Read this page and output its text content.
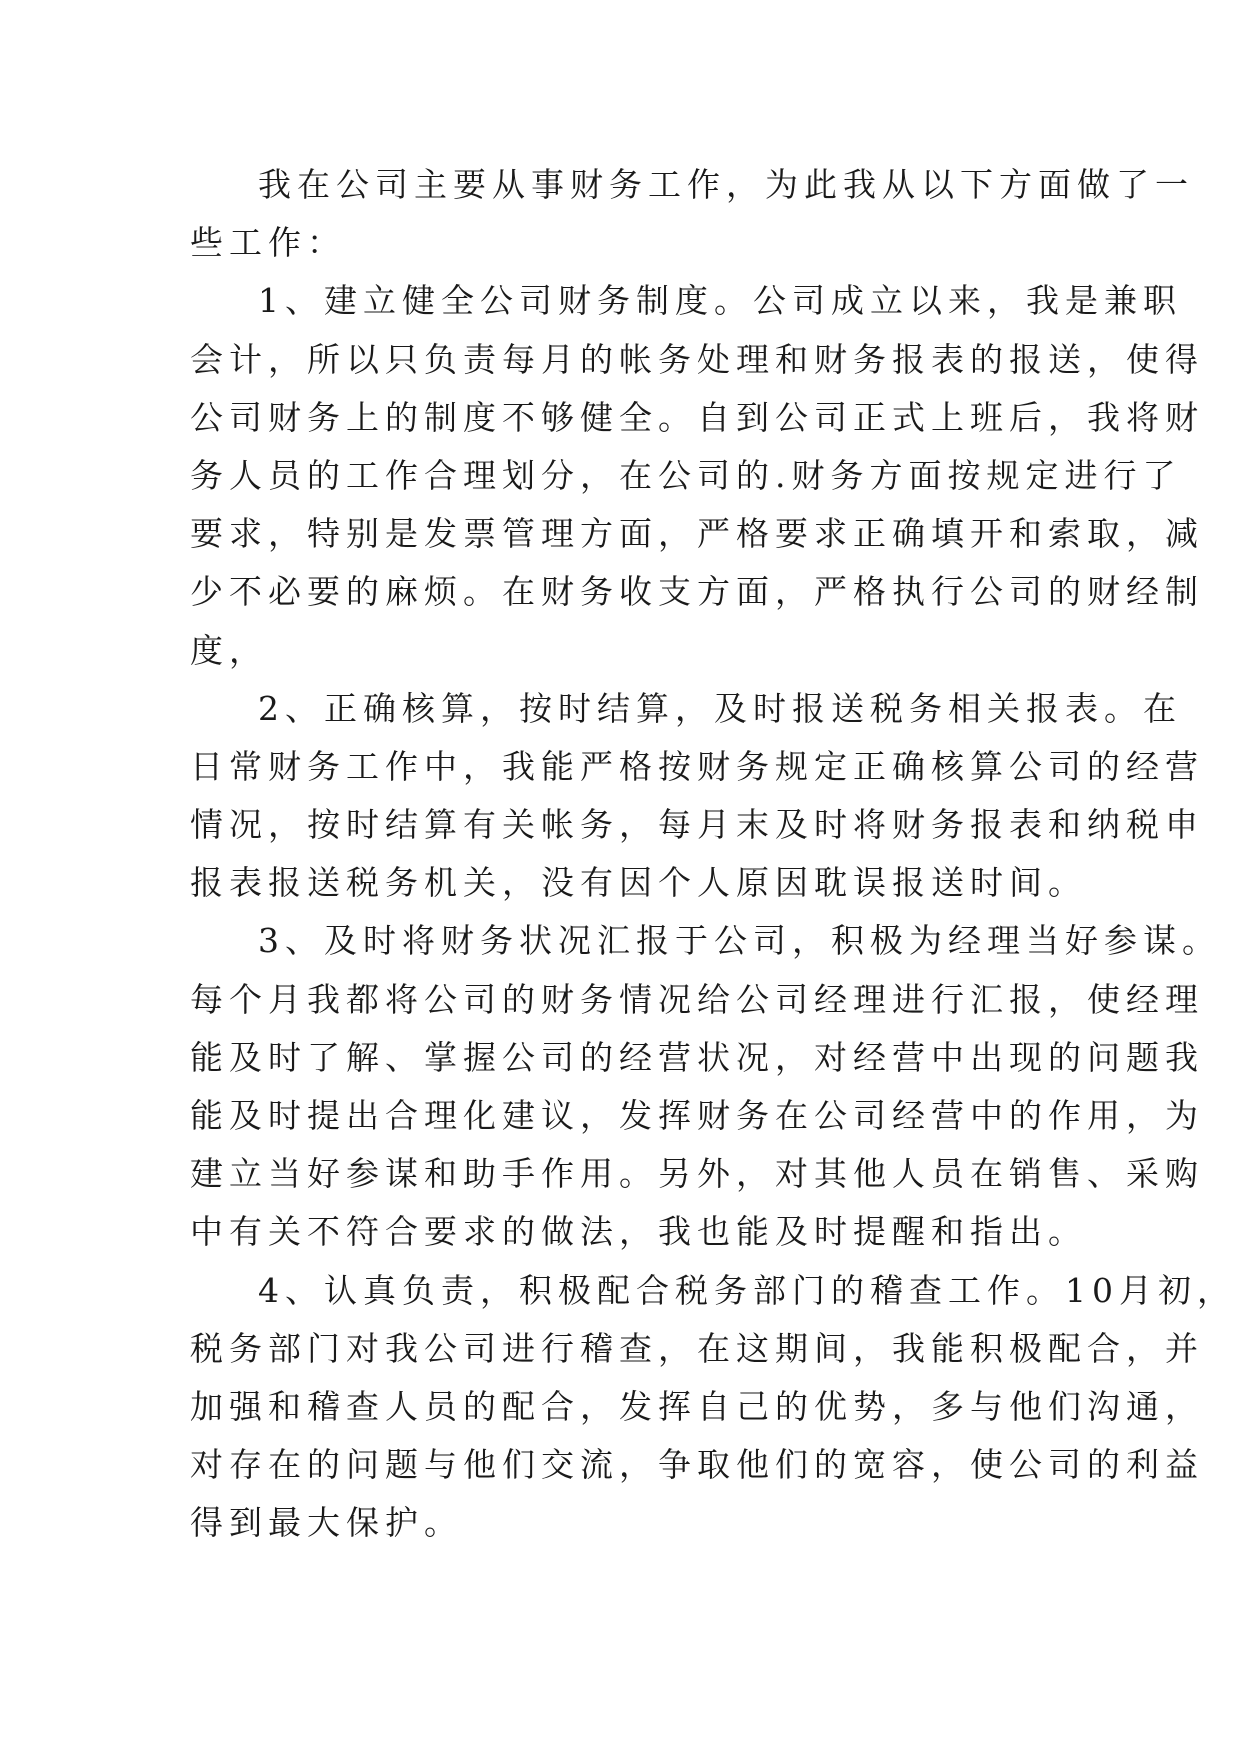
我在公司主要从事财务工作，为此我从以下方面做了一
些工作：
1、建立健全公司财务制度。公司成立以来，我是兼职
会计，所以只负责每月的帐务处理和财务报表的报送，使得
公司财务上的制度不够健全。自到公司正式上班后，我将财
务人员的工作合理划分，在公司的.财务方面按规定进行了
要求，特别是发票管理方面，严格要求正确填开和索取，减
少不必要的麻烦。在财务收支方面，严格执行公司的财经制
度，
2、正确核算，按时结算，及时报送税务相关报表。在
日常财务工作中，我能严格按财务规定正确核算公司的经营
情况，按时结算有关帐务，每月末及时将财务报表和纳税申
报表报送税务机关，没有因个人原因耽误报送时间。
3、及时将财务状况汇报于公司，积极为经理当好参谋。
每个月我都将公司的财务情况给公司经理进行汇报，使经理
能及时了解、掌握公司的经营状况，对经营中出现的问题我
能及时提出合理化建议，发挥财务在公司经营中的作用，为
建立当好参谋和助手作用。另外，对其他人员在销售、采购
中有关不符合要求的做法，我也能及时提醒和指出。
4、认真负责，积极配合税务部门的稽查工作。10月初，
税务部门对我公司进行稽查，在这期间，我能积极配合，并
加强和稽查人员的配合，发挥自己的优势，多与他们沟通，
对存在的问题与他们交流，争取他们的宽容，使公司的利益
得到最大保护。
